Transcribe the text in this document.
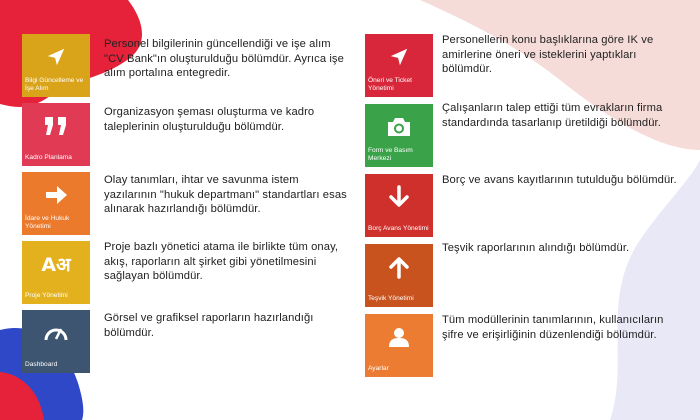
Bilgi Güncelleme ve İşe Alım
Personel bilgilerinin güncellendiği ve işe alım "CV Bank"ın oluşturulduğu bölümdür. Ayrıca işe alım portalına entegredir.
Kadro Planlama
Organizasyon şeması oluşturma ve kadro taleplerinin oluşturulduğu bölümdür.
İdare ve Hukuk Yönetimi
Olay tanımları, ihtar ve savunma istem yazılarının "hukuk departmanı" standartları esas alınarak hazırlandığı bölümdür.
Aअ
Proje Yönetimi
Proje bazlı yönetici atama ile birlikte tüm onay, akış, raporların alt şirket gibi yönetilmesini sağlayan bölümdür.
Dashboard
Görsel ve grafiksel raporların hazırlandığı bölümdür.
Öneri ve Ticket Yönetimi
Personellerin konu başlıklarına göre IK ve amirlerine öneri ve isteklerini yaptıkları bölümdür.
Form ve Basım Merkezi
Çalışanların talep ettiği tüm evrakların firma standardında tasarlanıp üretildiği bölümdür.
Borç Avans Yönetimi
Borç ve avans kayıtlarının tutulduğu bölümdür.
Teşvik Yönetimi
Teşvik raporlarının alındığı bölümdür.
Ayarlar
Tüm modüllerinin tanımlarının, kullanıcıların şifre ve erişirliğinin düzenlendiği bölümdür.
